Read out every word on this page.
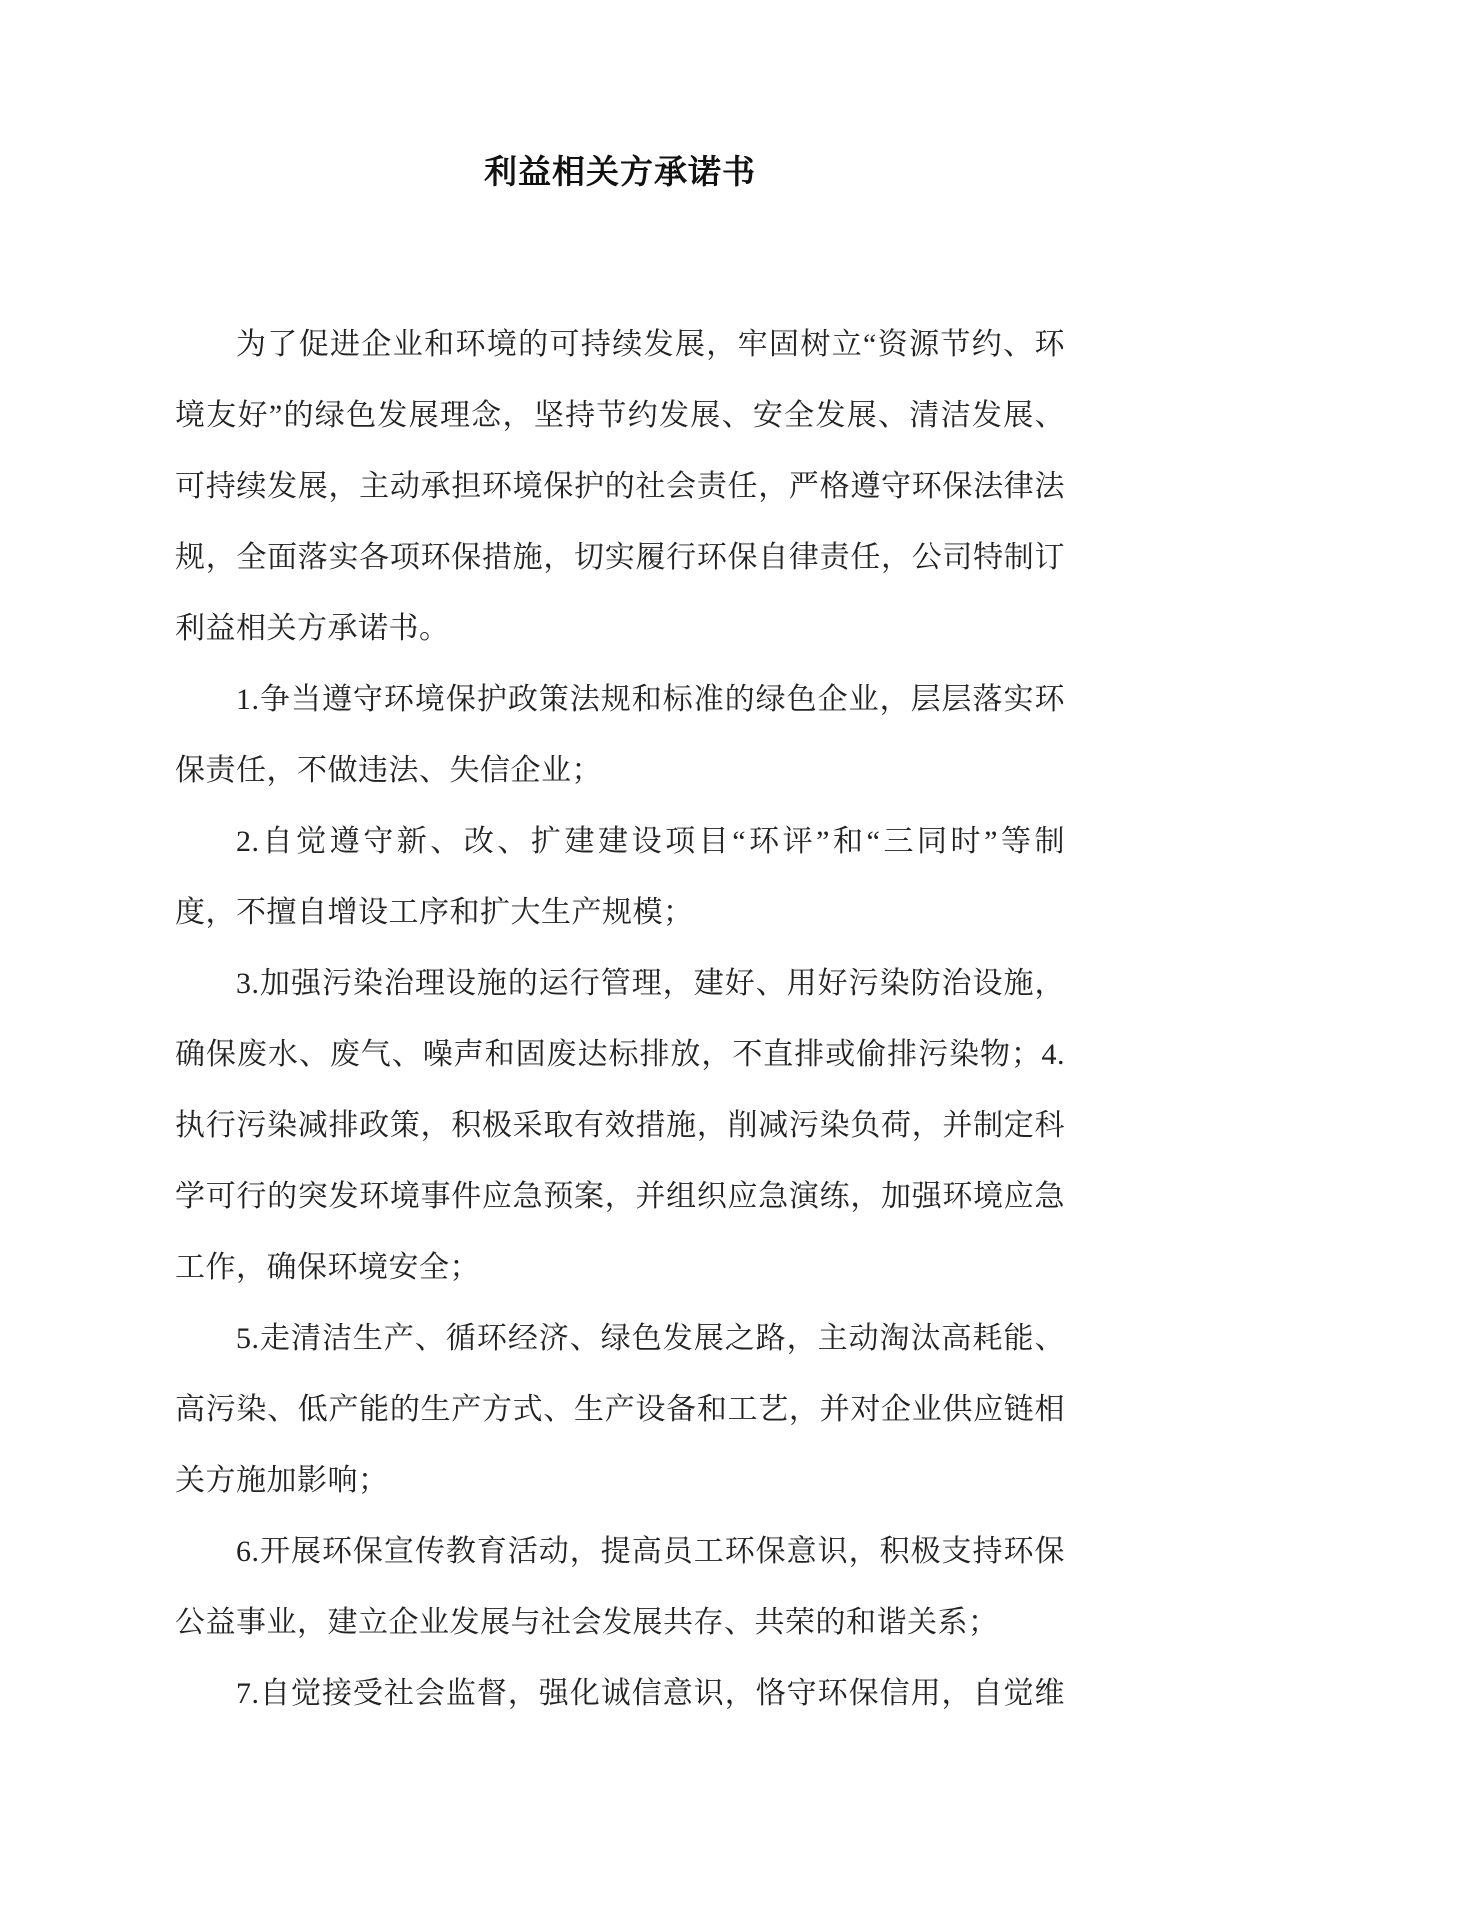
利益相关方承诺书
为了促进企业和环境的可持续发展，牢固树立“资源节约、环
境友好”的绿色发展理念，坚持节约发展、安全发展、清洁发展、
可持续发展，主动承担环境保护的社会责任，严格遵守环保法律法
规，全面落实各项环保措施，切实履行环保自律责任，公司特制订
利益相关方承诺书。
1.争当遵守环境保护政策法规和标准的绿色企业，层层落实环
保责任，不做违法、失信企业；
2.自觉遵守新、改、扩建建设项目“环评”和“三同时”等制
度，不擅自增设工序和扩大生产规模；
3.加强污染治理设施的运行管理，建好、用好污染防治设施，
确保废水、废气、噪声和固废达标排放，不直排或偷排污染物；4.
执行污染减排政策，积极采取有效措施，削减污染负荷，并制定科
学可行的突发环境事件应急预案，并组织应急演练，加强环境应急
工作，确保环境安全；
5.走清洁生产、循环经济、绿色发展之路，主动淘汰高耗能、
高污染、低产能的生产方式、生产设备和工艺，并对企业供应链相
关方施加影响；
6.开展环保宣传教育活动，提高员工环保意识，积极支持环保
公益事业，建立企业发展与社会发展共存、共荣的和谐关系；
7.自觉接受社会监督，强化诚信意识，恪守环保信用，自觉维
